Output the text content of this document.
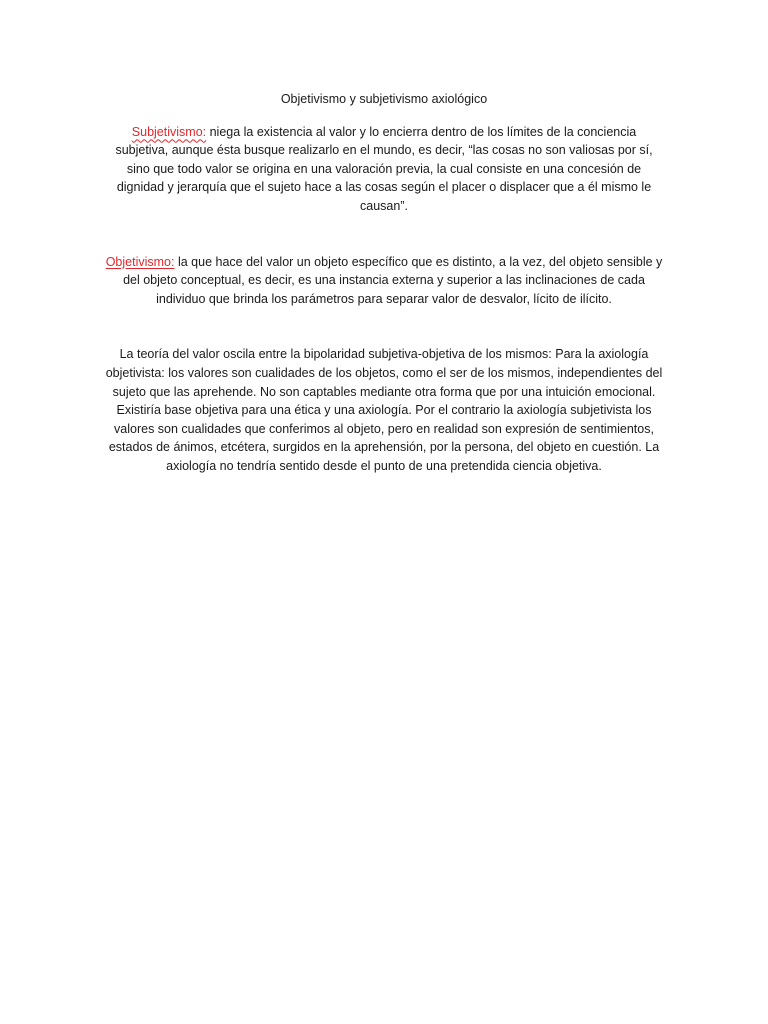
Objetivismo y subjetivismo axiológico

Subjetivismo: niega la existencia al valor y lo encierra dentro de los límites de la conciencia subjetiva, aunque ésta busque realizarlo en el mundo, es decir, “las cosas no son valiosas por sí, sino que todo valor se origina en una valoración previa, la cual consiste en una concesión de dignidad y jerarquía que el sujeto hace a las cosas según el placer o displacer que a él mismo le causan”.

Objetivismo: la que hace del valor un objeto específico que es distinto, a la vez, del objeto sensible y del objeto conceptual, es decir, es una instancia externa y superior a las inclinaciones de cada individuo que brinda los parámetros para separar valor de desvalor, lícito de ilícito.

La teoría del valor oscila entre la bipolaridad subjetiva-objetiva de los mismos: Para la axiología objetivista: los valores son cualidades de los objetos, como el ser de los mismos, independientes del sujeto que las aprehende. No son captables mediante otra forma que por una intuición emocional. Existiría base objetiva para una ética y una axiología. Por el contrario la axiología subjetivista los valores son cualidades que conferimos al objeto, pero en realidad son expresión de sentimientos, estados de ánimos, etcétera, surgidos en la aprehensión, por la persona, del objeto en cuestión. La axiología no tendría sentido desde el punto de una pretendida ciencia objetiva.
